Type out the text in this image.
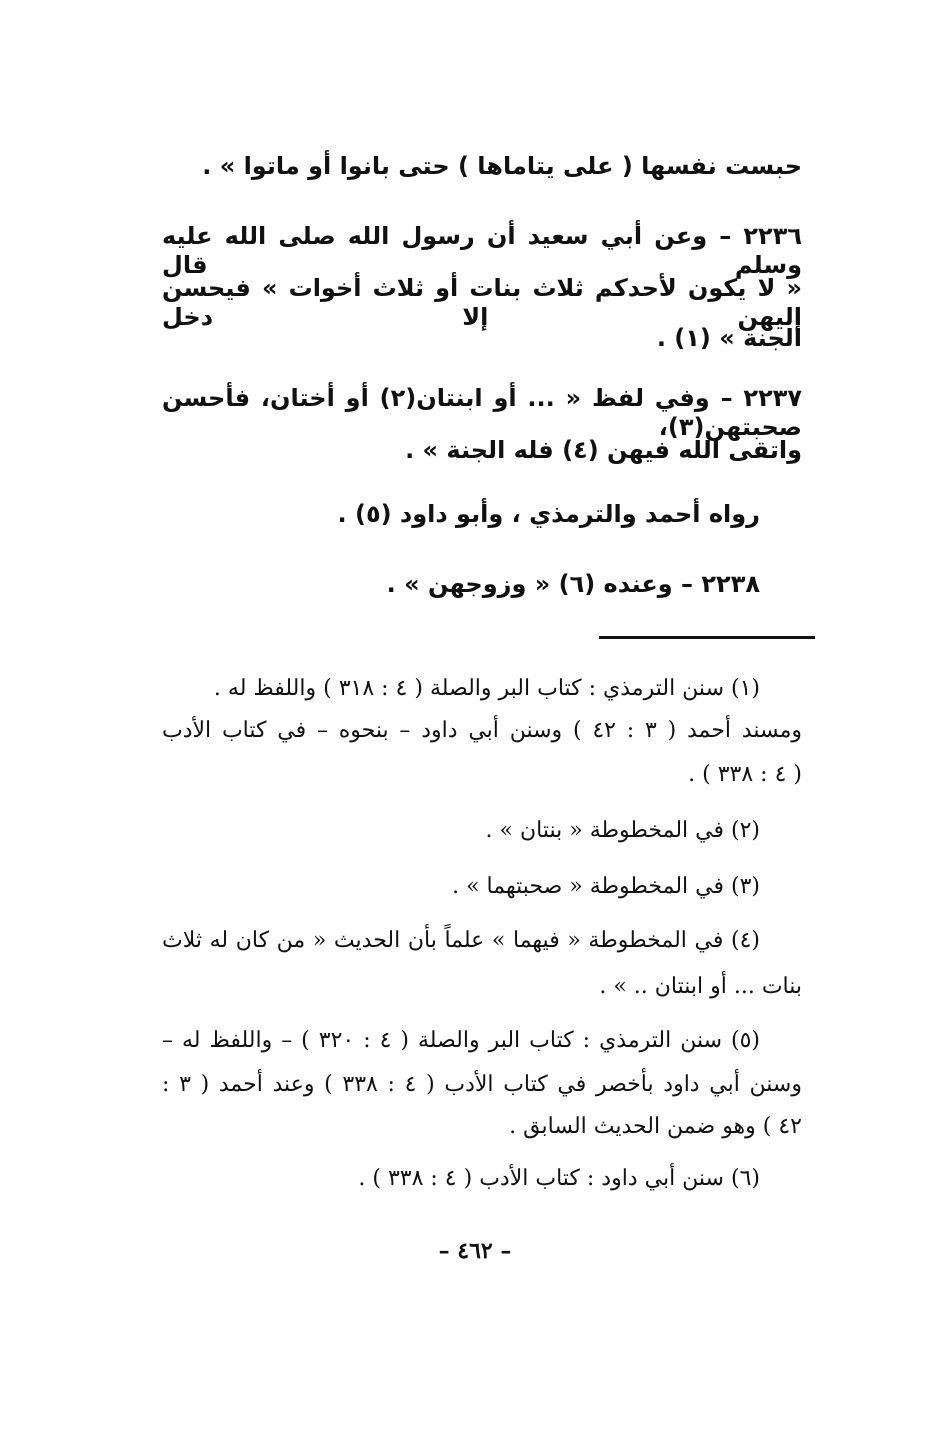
حبست نفسها ( على يتاماها ) حتى بانوا أو ماتوا » .
٢٢٣٦ – وعن أبي سعيد أن رسول الله صلى الله عليه وسلم قال
« لا يكون لأحدكم ثلاث بنات أو ثلاث أخوات » فيحسن إليهن إلا دخل
الجنة » (١) .
٢٢٣٧ – وفي لفظ « ... أو ابنتان(٢) أو أختان، فأحسن صحبتهن(٣)،
واتقى الله فيهن (٤) فله الجنة » .
رواه أحمد والترمذي ، وأبو داود (٥) .
٢٢٣٨ – وعنده (٦) « وزوجهن » .
(١) سنن الترمذي : كتاب البر والصلة ( ٤ : ٣١٨ ) واللفظ له .
ومسند أحمد ( ٣ : ٤٢ ) وسنن أبي داود – بنحوه – في كتاب الأدب
( ٤ : ٣٣٨ ) .
(٢) في المخطوطة « بنتان » .
(٣) في المخطوطة « صحبتهما » .
(٤) في المخطوطة « فيهما » علماً بأن الحديث « من كان له ثلاث
بنات ... أو ابنتان .. » .
(٥) سنن الترمذي : كتاب البر والصلة ( ٤ : ٣٢٠ ) – واللفظ له –
وسنن أبي داود بأخصر في كتاب الأدب ( ٤ : ٣٣٨ ) وعند أحمد ( ٣ :
٤٢ ) وهو ضمن الحديث السابق .
(٦) سنن أبي داود : كتاب الأدب ( ٤ : ٣٣٨ ) .
– ٤٦٢ –
